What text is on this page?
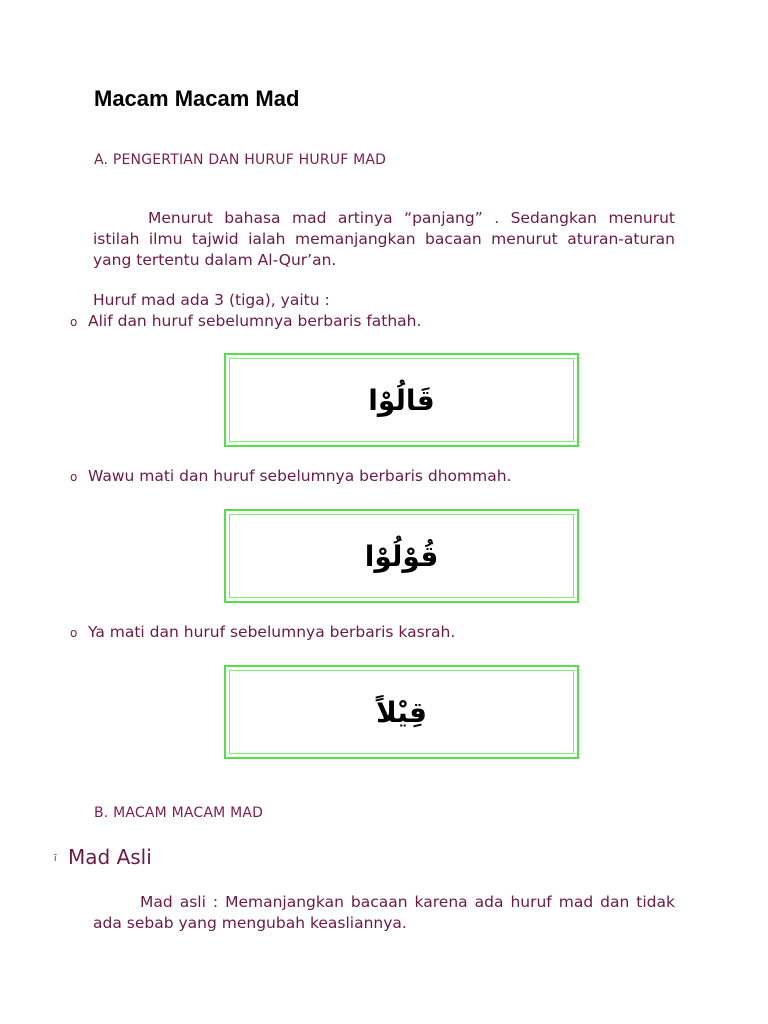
Macam Macam Mad

A. PENGERTIAN DAN HURUF HURUF MAD

Menurut bahasa mad artinya “panjang” . Sedangkan menurut istilah ilmu tajwid ialah memanjangkan bacaan menurut aturan-aturan yang tertentu dalam Al-Qur’an.

Huruf mad ada 3 (tiga), yaitu :

o Alif dan huruf sebelumnya berbaris fathah.

قَالُوْا

o Wawu mati dan huruf sebelumnya berbaris dhommah.

قُوْلُوْا

o Ya mati dan huruf sebelumnya berbaris kasrah.

قِيْلاً

B. MACAM MACAM MAD

ĩ Mad Asli

Mad asli : Memanjangkan bacaan karena ada huruf mad dan tidak ada sebab yang mengubah keasliannya.
